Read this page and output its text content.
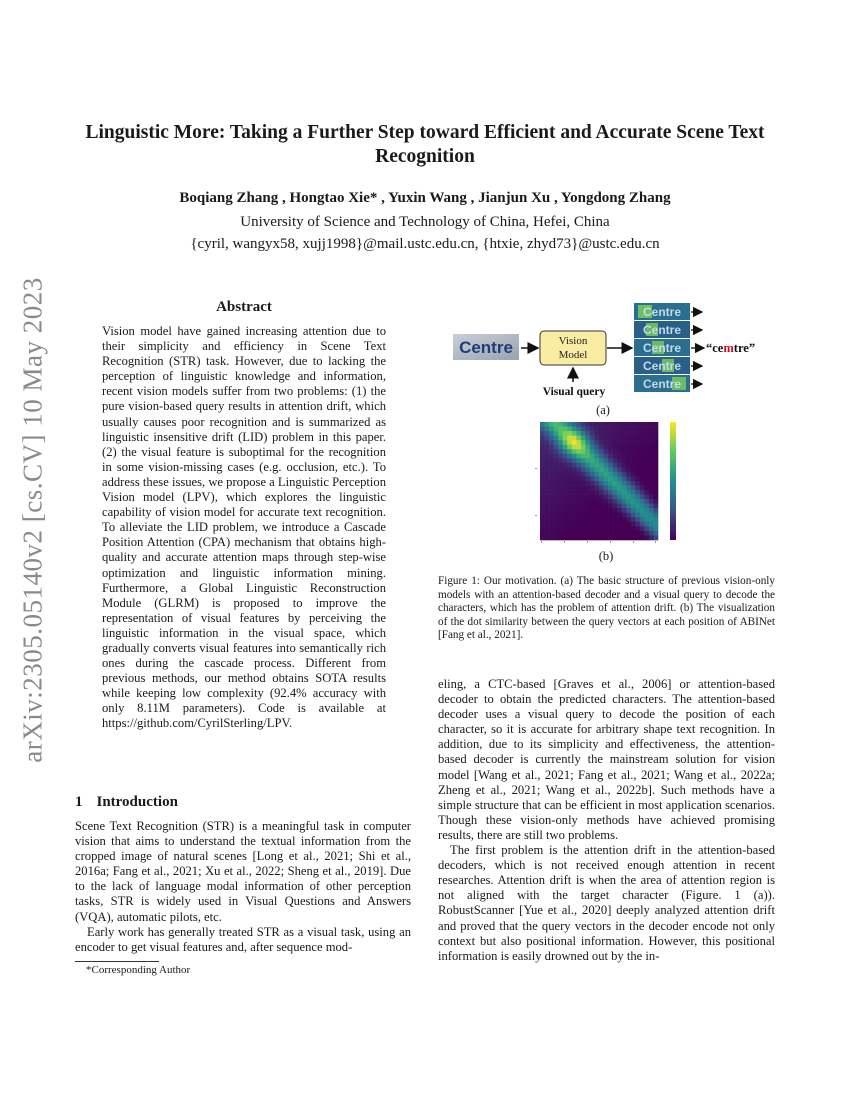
arXiv:2305.05140v2 [cs.CV] 10 May 2023
Linguistic More: Taking a Further Step toward Efficient and Accurate Scene Text Recognition
Boqiang Zhang , Hongtao Xie* , Yuxin Wang , Jianjun Xu , Yongdong Zhang
University of Science and Technology of China, Hefei, China
{cyril, wangyx58, xujj1998}@mail.ustc.edu.cn, {htxie, zhyd73}@ustc.edu.cn
Abstract
Vision model have gained increasing attention due to their simplicity and efficiency in Scene Text Recognition (STR) task. However, due to lacking the perception of linguistic knowledge and information, recent vision models suffer from two problems: (1) the pure vision-based query results in attention drift, which usually causes poor recognition and is summarized as linguistic insensitive drift (LID) problem in this paper. (2) the visual feature is suboptimal for the recognition in some vision-missing cases (e.g. occlusion, etc.). To address these issues, we propose a Linguistic Perception Vision model (LPV), which explores the linguistic capability of vision model for accurate text recognition. To alleviate the LID problem, we introduce a Cascade Position Attention (CPA) mechanism that obtains high-quality and accurate attention maps through step-wise optimization and linguistic information mining. Furthermore, a Global Linguistic Reconstruction Module (GLRM) is proposed to improve the representation of visual features by perceiving the linguistic information in the visual space, which gradually converts visual features into semantically rich ones during the cascade process. Different from previous methods, our method obtains SOTA results while keeping low complexity (92.4% accuracy with only 8.11M parameters). Code is available at https://github.com/CyrilSterling/LPV.
1 Introduction

Scene Text Recognition (STR) is a meaningful task in computer vision that aims to understand the textual information from the cropped image of natural scenes [Long et al., 2021; Shi et al., 2016a; Fang et al., 2021; Xu et al., 2022; Sheng et al., 2019]. Due to the lack of language modal information of other perception tasks, STR is widely used in Visual Questions and Answers (VQA), automatic pilots, etc.

Early work has generally treated STR as a visual task, using an encoder to get visual features and, after sequence mod-

*Corresponding Author

eling, a CTC-based [Graves et al., 2006] or attention-based decoder to obtain the predicted characters. The attention-based decoder uses a visual query to decode the position of each character, so it is accurate for arbitrary shape text recognition. In addition, due to its simplicity and effectiveness, the attention-based decoder is currently the mainstream solution for vision model [Wang et al., 2021; Fang et al., 2021; Wang et al., 2022a; Zheng et al., 2021; Wang et al., 2022b]. Such methods have a simple structure that can be efficient in most application scenarios. Though these vision-only methods have achieved promising results, there are still two problems.

The first problem is the attention drift in the attention-based decoders, which is not received enough attention in recent researches. Attention drift is when the area of attention region is not aligned with the target character (Figure. 1 (a)). RobustScanner [Yue et al., 2020] deeply analyzed attention drift and proved that the query vectors in the decoder encode not only context but also positional information. However, this positional information is easily drowned out by the in-

Centre	Vision
Model
Visual query
Centre
Centre
Centre
Centre
Centre
“cemtre”
(a)
(b)
Figure 1: Our motivation. (a) The basic structure of previous vision-only models with an attention-based decoder and a visual query to decode the characters, which has the problem of attention drift. (b) The visualization of the dot similarity between the query vectors at each position of ABINet [Fang et al., 2021].
